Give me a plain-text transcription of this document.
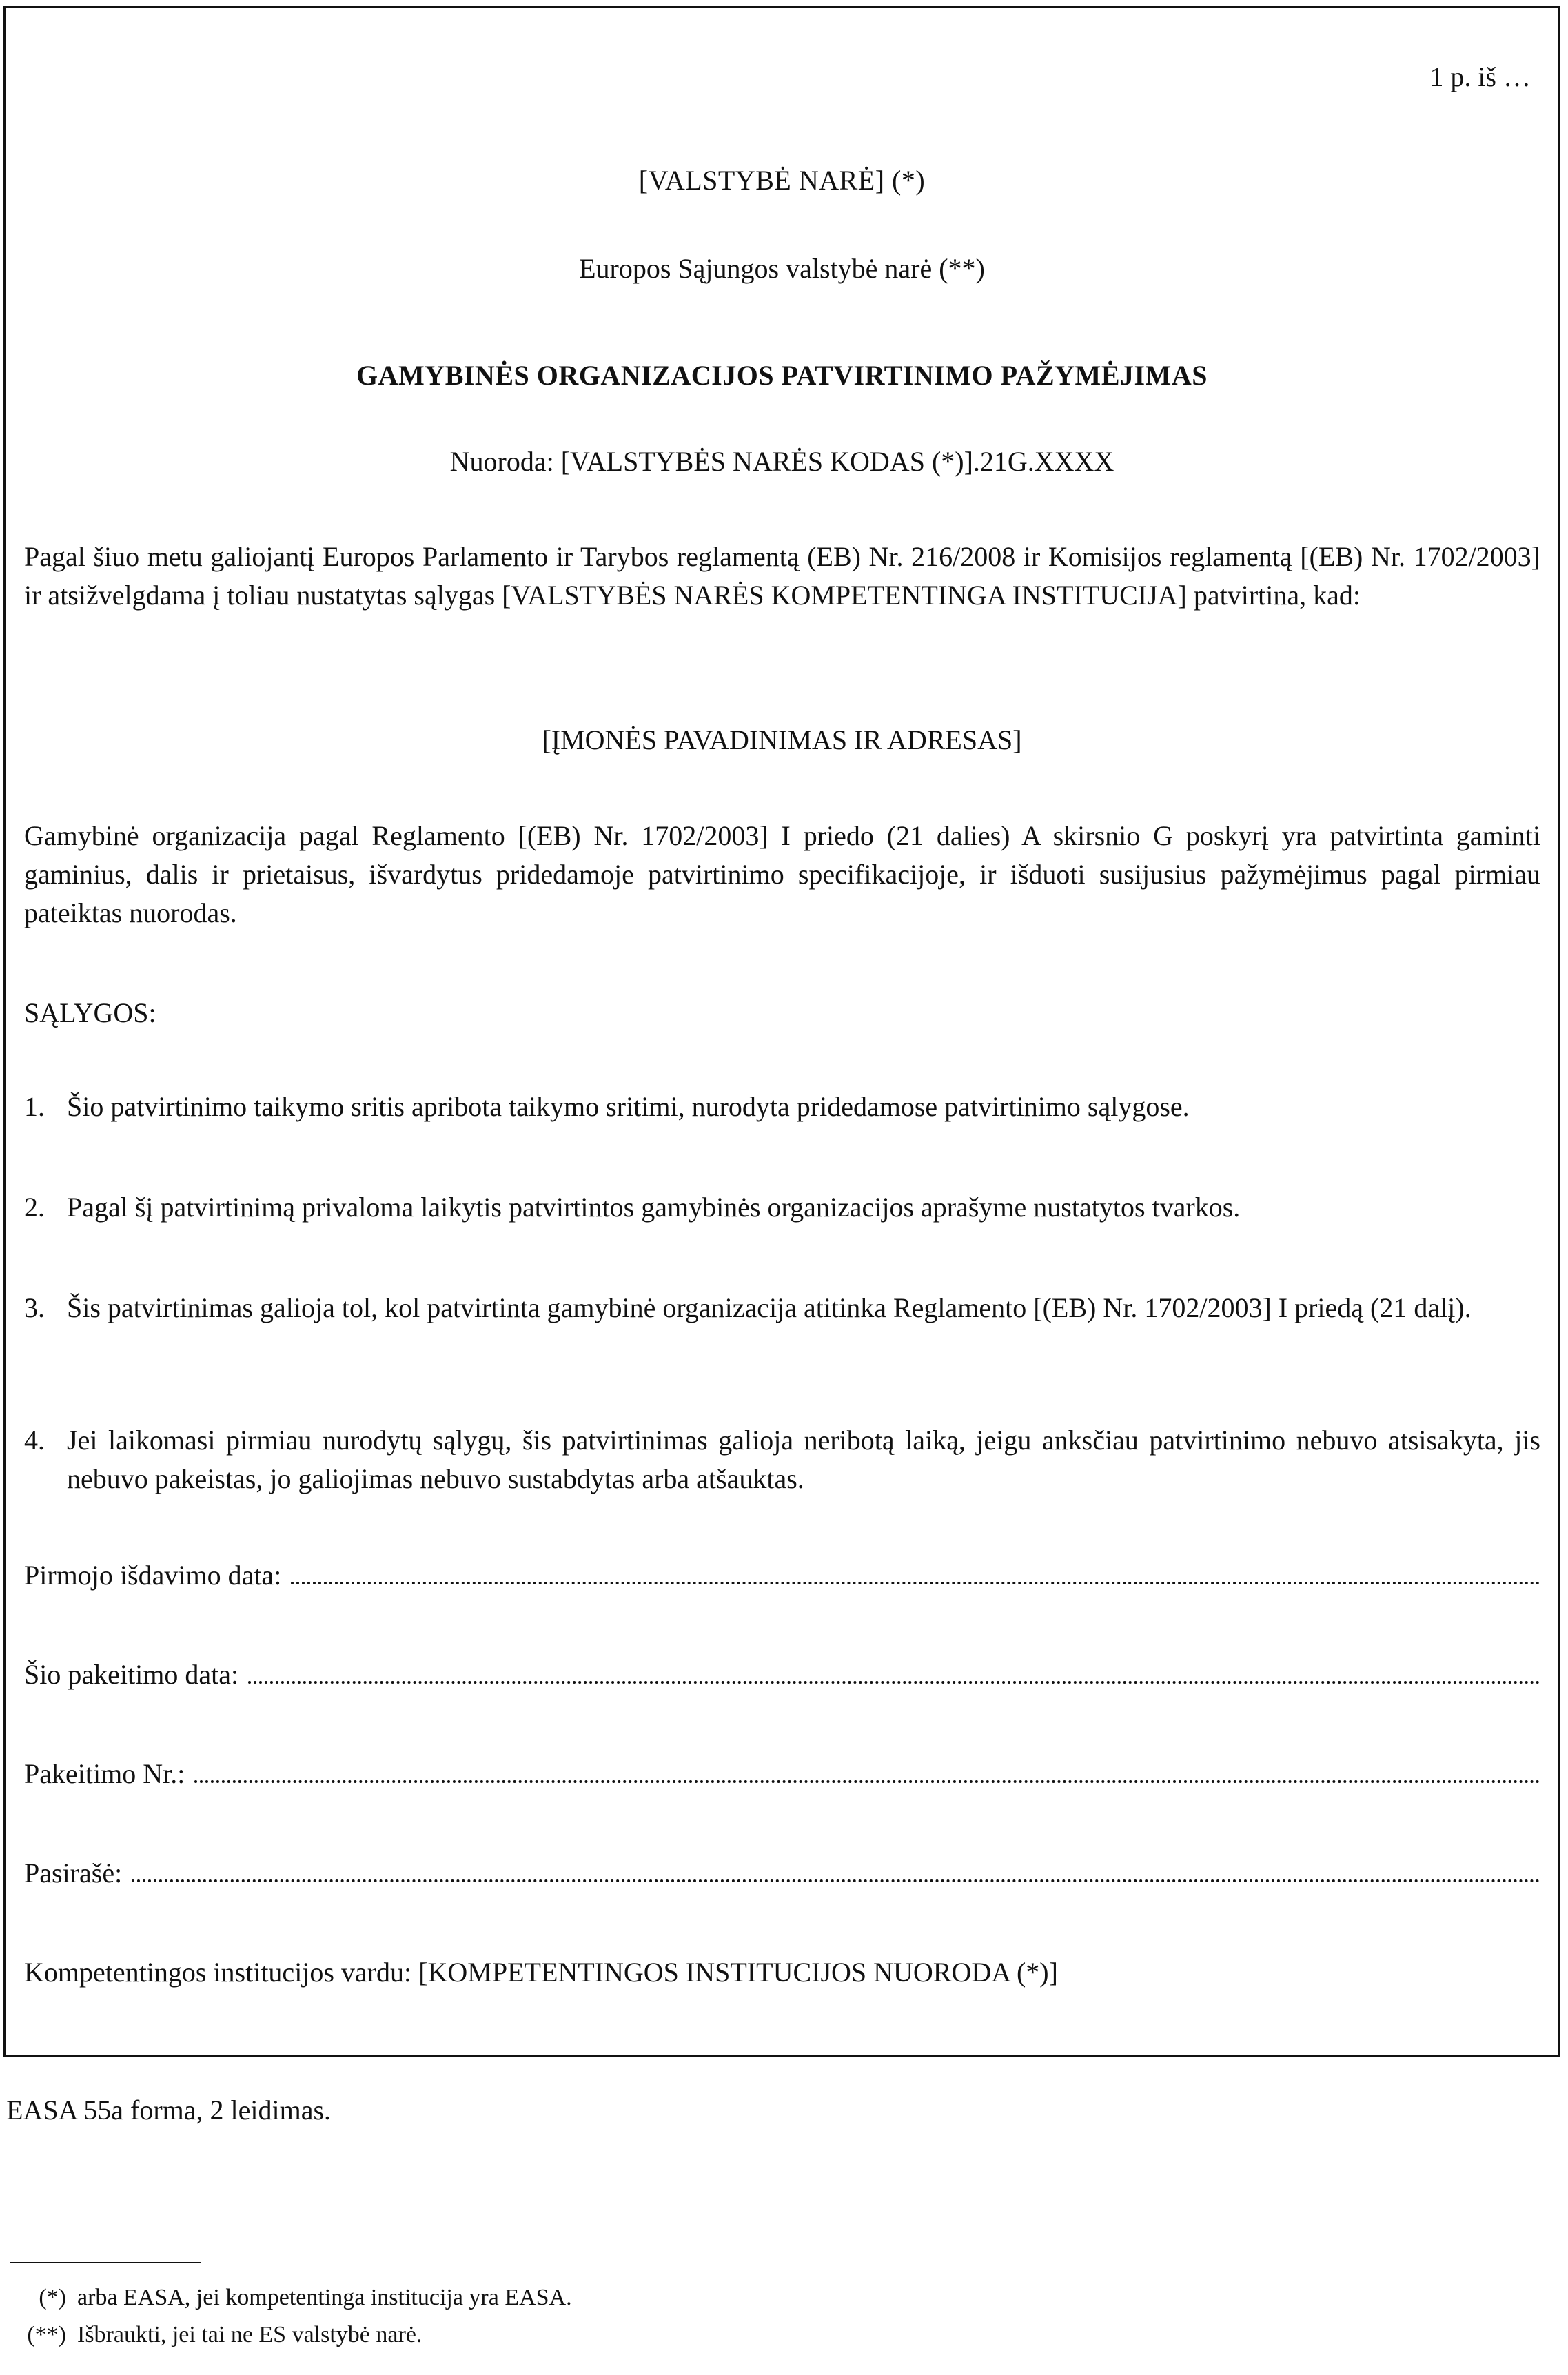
1 p. iš …
[VALSTYBĖ NARĖ] (*)
Europos Sąjungos valstybė narė (**)
GAMYBINĖS ORGANIZACIJOS PATVIRTINIMO PAŽYMĖJIMAS
Nuoroda: [VALSTYBĖS NARĖS KODAS (*)].21G.XXXX
Pagal šiuo metu galiojantį Europos Parlamento ir Tarybos reglamentą (EB) Nr. 216/2008 ir Komisijos reglamentą [(EB) Nr. 1702/2003] ir atsižvelgdama į toliau nustatytas sąlygas [VALSTYBĖS NARĖS KOMPETENTINGA INSTITUCIJA] patvirtina, kad:
[ĮMONĖS PAVADINIMAS IR ADRESAS]
Gamybinė organizacija pagal Reglamento [(EB) Nr. 1702/2003] I priedo (21 dalies) A skirsnio G poskyrį yra patvirtinta gaminti gaminius, dalis ir prietaisus, išvardytus pridedamoje patvirtinimo specifikacijoje, ir išduoti susijusius pažymėjimus pagal pirmiau pateiktas nuorodas.
SĄLYGOS:
1. Šio patvirtinimo taikymo sritis apribota taikymo sritimi, nurodyta pridedamose patvirtinimo sąlygose.
2. Pagal šį patvirtinimą privaloma laikytis patvirtintos gamybinės organizacijos aprašyme nustatytos tvarkos.
3. Šis patvirtinimas galioja tol, kol patvirtinta gamybinė organizacija atitinka Reglamento [(EB) Nr. 1702/2003] I priedą (21 dalį).
4. Jei laikomasi pirmiau nurodytų sąlygų, šis patvirtinimas galioja neribotą laiką, jeigu anksčiau patvirtinimo nebuvo atsisakyta, jis nebuvo pakeistas, jo galiojimas nebuvo sustabdytas arba atšauktas.
Pirmojo išdavimo data:
Šio pakeitimo data:
Pakeitimo Nr.:
Pasirašė:
Kompetentingos institucijos vardu: [KOMPETENTINGOS INSTITUCIJOS NUORODA (*)]
EASA 55a forma, 2 leidimas.
(*) arba EASA, jei kompetentinga institucija yra EASA.
(**) Išbraukti, jei tai ne ES valstybė narė.
